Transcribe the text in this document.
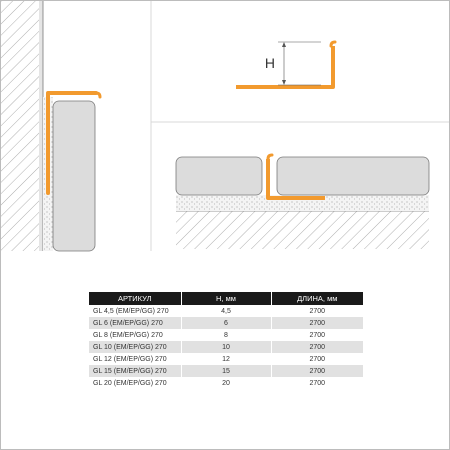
H
АРТИКУЛ	H, мм	ДЛИНА, мм
GL 4,5 (EM/EP/GG) 270	4,5	2700
GL 6 (EM/EP/GG) 270	6	2700
GL 8 (EM/EP/GG) 270	8	2700
GL 10 (EM/EP/GG) 270	10	2700
GL 12 (EM/EP/GG) 270	12	2700
GL 15 (EM/EP/GG) 270	15	2700
GL 20 (EM/EP/GG) 270	20	2700
